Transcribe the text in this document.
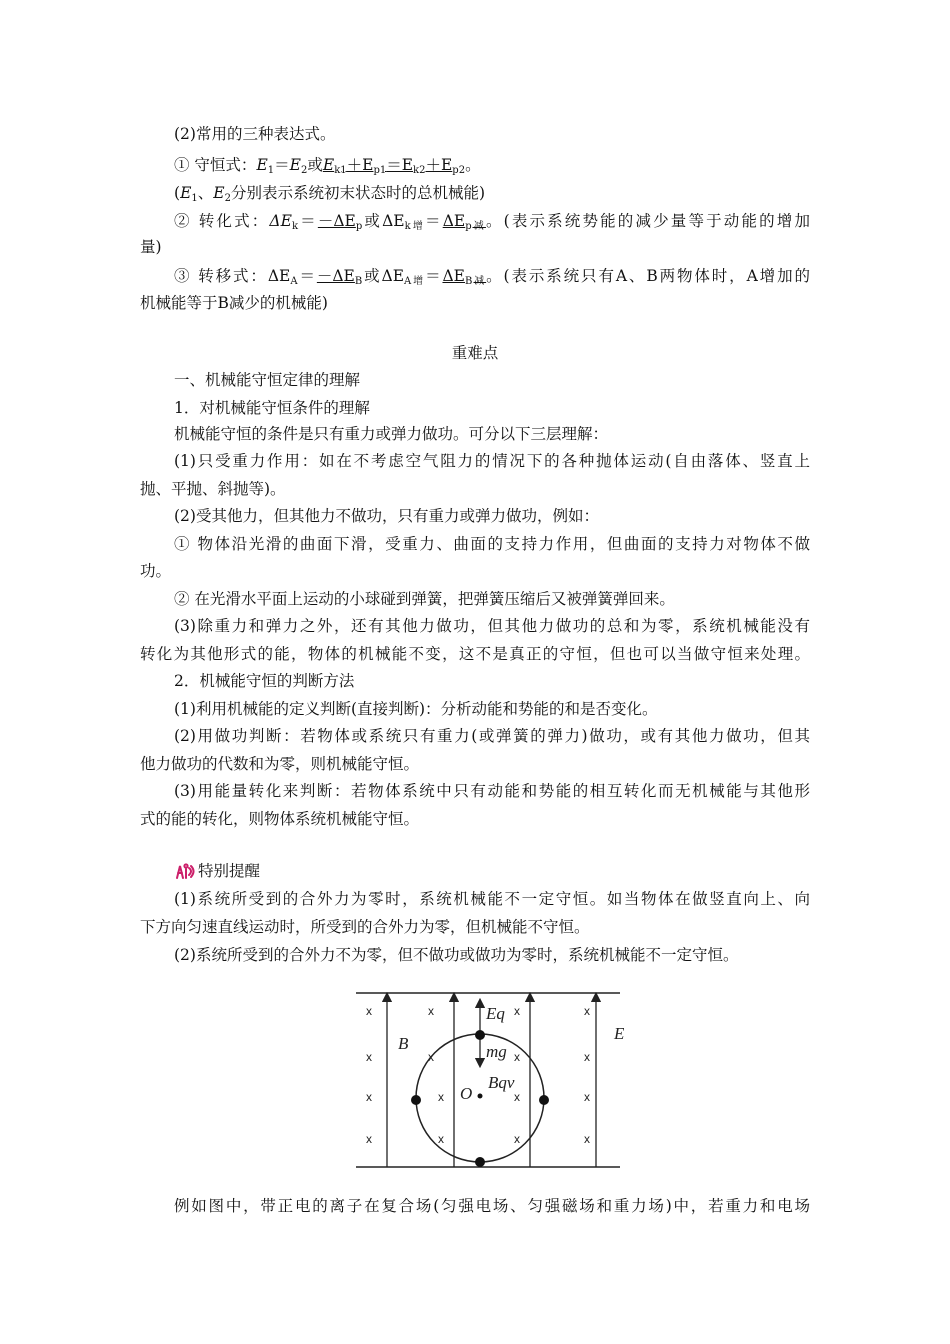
(2)常用的三种表达式。
① 守恒式：$E_1=E_2$或$E_{k1}+E_{p1}=E_{k2}+E_{p2}$。
($E_1$、$E_2$分别表示系统初末状态时的总机械能)
② 转化式：$\Delta E_k=-\Delta E_p$或$\Delta E_{k增}=\Delta E_{p减}$。(表示系统势能的减少量等于动能的增加
量)
③ 转移式：$\Delta E_A=-\Delta E_B$或$\Delta E_{A增}=\Delta E_{B减}$。(表示系统只有A、B两物体时，A增加的
机械能等于B减少的机械能)
重难点
一、机械能守恒定律的理解
1．对机械能守恒条件的理解
机械能守恒的条件是只有重力或弹力做功。可分以下三层理解：
(1)只受重力作用：如在不考虑空气阻力的情况下的各种抛体运动(自由落体、竖直上
抛、平抛、斜抛等)。
(2)受其他力，但其他力不做功，只有重力或弹力做功，例如：
① 物体沿光滑的曲面下滑，受重力、曲面的支持力作用，但曲面的支持力对物体不做
功。
② 在光滑水平面上运动的小球碰到弹簧，把弹簧压缩后又被弹簧弹回来。
(3)除重力和弹力之外，还有其他力做功，但其他力做功的总和为零，系统机械能没有
转化为其他形式的能，物体的机械能不变，这不是真正的守恒，但也可以当做守恒来处理。
2．机械能守恒的判断方法
(1)利用机械能的定义判断(直接判断)：分析动能和势能的和是否变化。
(2)用做功判断：若物体或系统只有重力(或弹簧的弹力)做功，或有其他力做功，但其
他力做功的代数和为零，则机械能守恒。
(3)用能量转化来判断：若物体系统中只有动能和势能的相互转化而无机械能与其他形
式的能的转化，则物体系统机械能守恒。
特别提醒
(1)系统所受到的合外力为零时，系统机械能不一定守恒。如当物体在做竖直向上、向
下方向匀速直线运动时，所受到的合外力为零，但机械能不守恒。
(2)系统所受到的合外力不为零，但不做功或做功为零时，系统机械能不一定守恒。
x
x
x
x
x
x
x
x
x
x
x
x
x
x
x
x
B
E
Eq
mg
O
Bqv
例如图中，带正电的离子在复合场(匀强电场、匀强磁场和重力场)中，若重力和电场
